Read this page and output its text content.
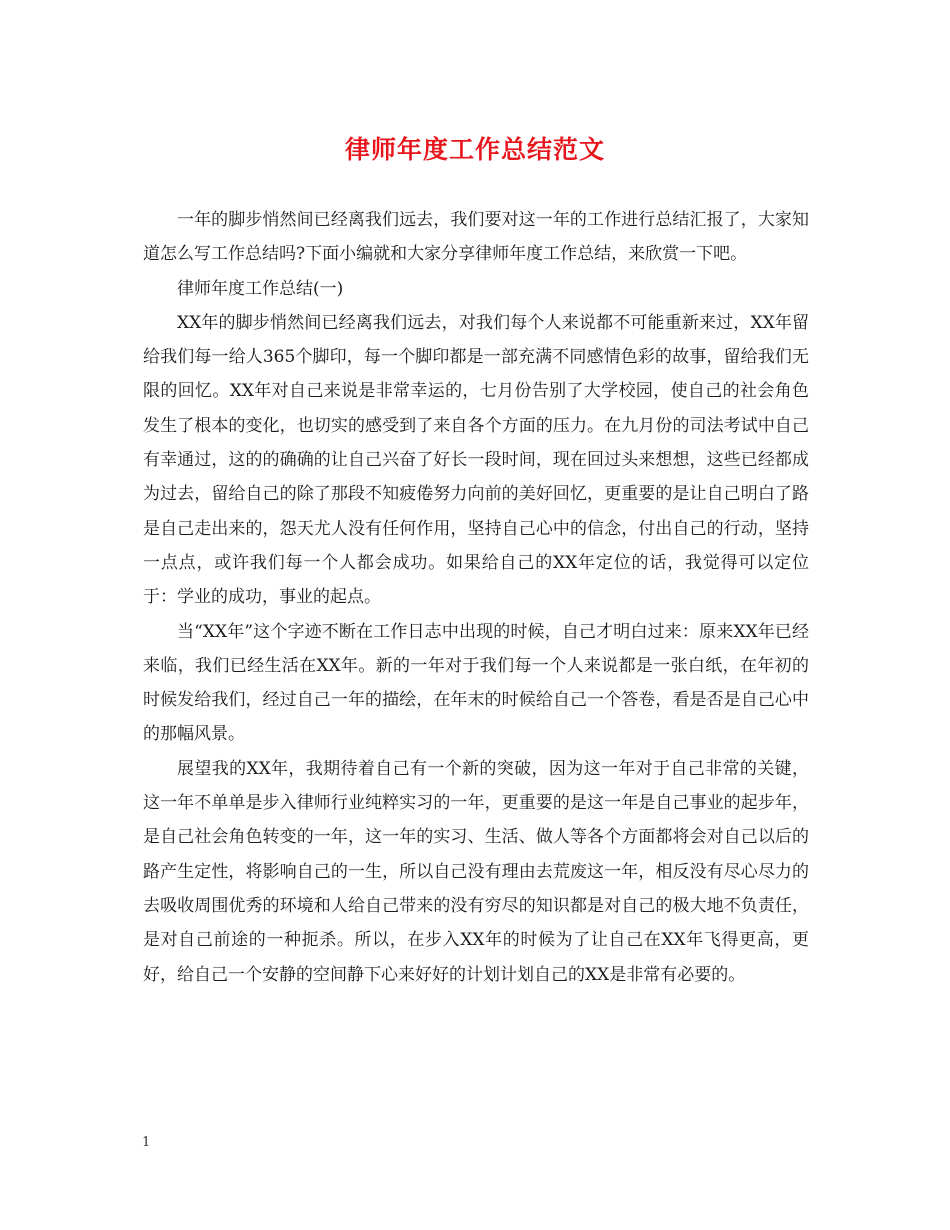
律师年度工作总结范文

一年的脚步悄然间已经离我们远去，我们要对这一年的工作进行总结汇报了，大家知道怎么写工作总结吗?下面小编就和大家分享律师年度工作总结，来欣赏一下吧。

律师年度工作总结(一)

XX年的脚步悄然间已经离我们远去，对我们每个人来说都不可能重新来过，XX年留给我们每一给人365个脚印，每一个脚印都是一部充满不同感情色彩的故事，留给我们无限的回忆。XX年对自己来说是非常幸运的，七月份告别了大学校园，使自己的社会角色发生了根本的变化，也切实的感受到了来自各个方面的压力。在九月份的司法考试中自己有幸通过，这的的确确的让自己兴奋了好长一段时间，现在回过头来想想，这些已经都成为过去，留给自己的除了那段不知疲倦努力向前的美好回忆，更重要的是让自己明白了路是自己走出来的，怨天尤人没有任何作用，坚持自己心中的信念，付出自己的行动，坚持一点点，或许我们每一个人都会成功。如果给自己的XX年定位的话，我觉得可以定位于：学业的成功，事业的起点。

当“XX年”这个字迹不断在工作日志中出现的时候，自己才明白过来：原来XX年已经来临，我们已经生活在XX年。新的一年对于我们每一个人来说都是一张白纸，在年初的时候发给我们，经过自己一年的描绘，在年末的时候给自己一个答卷，看是否是自己心中的那幅风景。

展望我的XX年，我期待着自己有一个新的突破，因为这一年对于自己非常的关键，这一年不单单是步入律师行业纯粹实习的一年，更重要的是这一年是自己事业的起步年，是自己社会角色转变的一年，这一年的实习、生活、做人等各个方面都将会对自己以后的路产生定性，将影响自己的一生，所以自己没有理由去荒废这一年，相反没有尽心尽力的去吸收周围优秀的环境和人给自己带来的没有穷尽的知识都是对自己的极大地不负责任，是对自己前途的一种扼杀。所以，在步入XX年的时候为了让自己在XX年飞得更高，更好，给自己一个安静的空间静下心来好好的计划计划自己的XX是非常有必要的。

1
